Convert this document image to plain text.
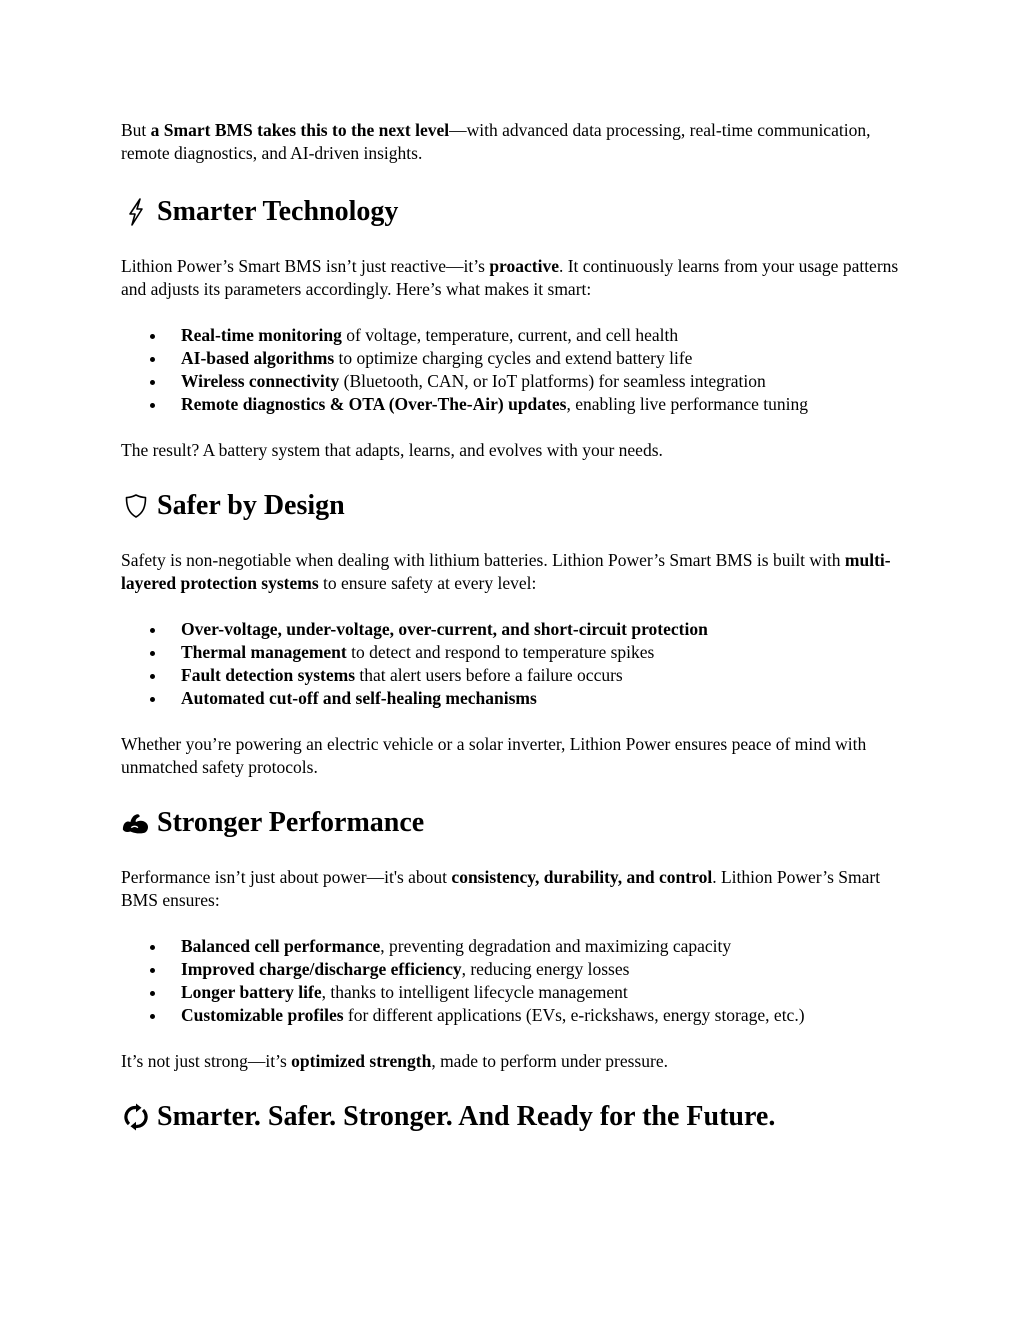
But a Smart BMS takes this to the next level—with advanced data processing, real-time communication, remote diagnostics, and AI-driven insights.

Smarter Technology

Lithion Power’s Smart BMS isn’t just reactive—it’s proactive. It continuously learns from your usage patterns and adjusts its parameters accordingly. Here’s what makes it smart:

Real-time monitoring of voltage, temperature, current, and cell health
AI-based algorithms to optimize charging cycles and extend battery life
Wireless connectivity (Bluetooth, CAN, or IoT platforms) for seamless integration
Remote diagnostics & OTA (Over-The-Air) updates, enabling live performance tuning

The result? A battery system that adapts, learns, and evolves with your needs.

Safer by Design

Safety is non-negotiable when dealing with lithium batteries. Lithion Power’s Smart BMS is built with multi-layered protection systems to ensure safety at every level:

Over-voltage, under-voltage, over-current, and short-circuit protection
Thermal management to detect and respond to temperature spikes
Fault detection systems that alert users before a failure occurs
Automated cut-off and self-healing mechanisms

Whether you’re powering an electric vehicle or a solar inverter, Lithion Power ensures peace of mind with unmatched safety protocols.

Stronger Performance

Performance isn’t just about power—it's about consistency, durability, and control. Lithion Power’s Smart BMS ensures:

Balanced cell performance, preventing degradation and maximizing capacity
Improved charge/discharge efficiency, reducing energy losses
Longer battery life, thanks to intelligent lifecycle management
Customizable profiles for different applications (EVs, e-rickshaws, energy storage, etc.)

It’s not just strong—it’s optimized strength, made to perform under pressure.

Smarter. Safer. Stronger. And Ready for the Future.
